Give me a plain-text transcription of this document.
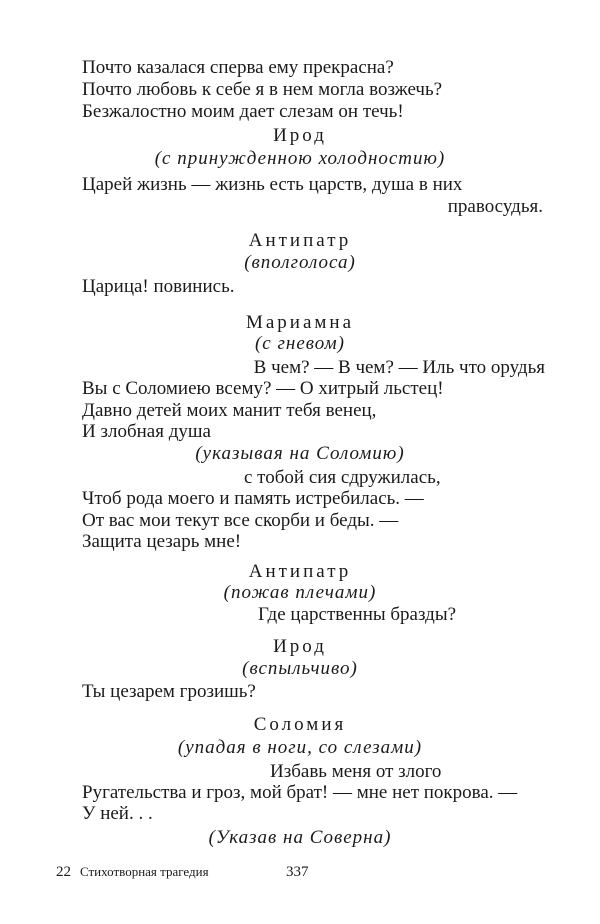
Почто казалася сперва ему прекрасна?
Почто любовь к себе я в нем могла возжечь?
Безжалостно моим дает слезам он течь!
Ирод
(с принужденною холодностию)
Царей жизнь — жизнь есть царств, душа в них
правосудья.
Антипатр
(вполголоса)
Царица! повинись.
Мариамна
(с гневом)
В чем? — В чем? — Иль что орудья
Вы с Соломиею всему? — О хитрый льстец!
Давно детей моих манит тебя венец,
И злобная душа
(указывая на Соломию)
с тобой сия сдружилась,
Чтоб рода моего и память истребилась. —
От вас мои текут все скорби и беды. —
Защита цезарь мне!
Антипатр
(пожав плечами)
Где царственны бразды?
Ирод
(вспыльчиво)
Ты цезарем грозишь?
Соломия
(упадая в ноги, со слезами)
Избавь меня от злого
Ругательства и гроз, мой брат! — мне нет покрова. —
У ней. . .
(Указав на Соверна)
22 Стихотворная трагедия	337
